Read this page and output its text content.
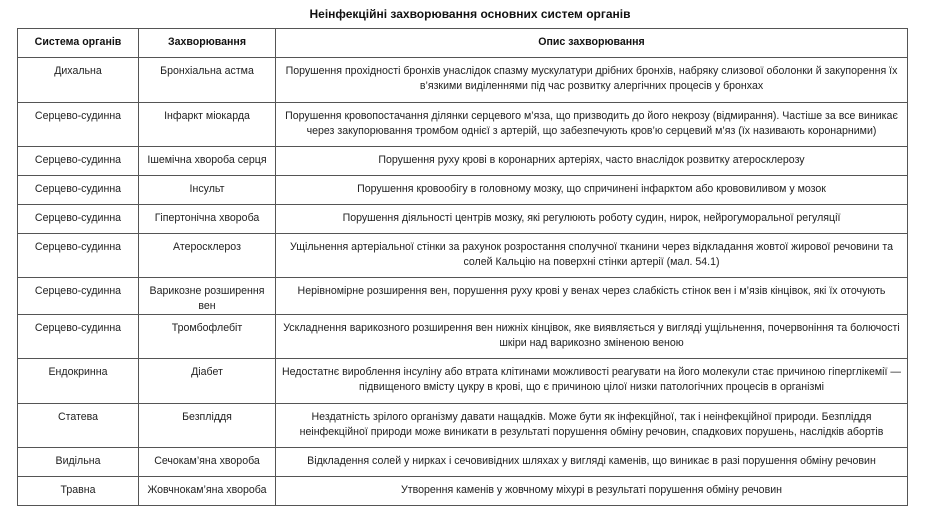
Неінфекційні захворювання основних систем органів
Система органів	Захворювання	Опис захворювання
Дихальна	Бронхіальна астма	Порушення прохідності бронхів унаслідок спазму мускулатури дрібних бронхів, набряку слизової оболонки й закупорення їх в’язкими виділеннями під час розвитку алергічних процесів у бронхах
Серцево-судинна	Інфаркт міокарда	Порушення кровопостачання ділянки серцевого м’яза, що призводить до його некрозу (відмирання). Частіше за все виникає через закупорювання тромбом однієї з артерій, що забезпечують кров’ю серцевий м’яз (їх називають коронарними)
Серцево-судинна	Ішемічна хвороба серця	Порушення руху крові в коронарних артеріях, часто внаслідок розвитку атеросклерозу
Серцево-судинна	Інсульт	Порушення кровообігу в головному мозку, що спричинені інфарктом або крововиливом у мозок
Серцево-судинна	Гіпертонічна хвороба	Порушення діяльності центрів мозку, які регулюють роботу судин, нирок, нейрогуморальної регуляції
Серцево-судинна	Атеросклероз	Ущільнення артеріальної стінки за рахунок розростання сполучної тканини через відкладання жовтої жирової речовини та солей Кальцію на поверхні стінки артерії (мал. 54.1)
Серцево-судинна	Варикозне розширення вен	Нерівномірне розширення вен, порушення руху крові у венах через слабкість стінок вен і м’язів кінцівок, які їх оточують
Серцево-судинна	Тромбофлебіт	Ускладнення варикозного розширення вен нижніх кінцівок, яке виявляється у вигляді ущільнення, почервоніння та болючості шкіри над варикозно зміненою веною
Ендокринна	Діабет	Недостатнє вироблення інсуліну або втрата клітинами можливості реагувати на його молекули стає причиною гіперглікемії — підвищеного вмісту цукру в крові, що є причиною цілої низки патологічних процесів в організмі
Статева	Безпліддя	Нездатність зрілого організму давати нащадків. Може бути як інфекційної, так і неінфекційної природи. Безпліддя неінфекційної природи може виникати в результаті порушення обміну речовин, спадкових порушень, наслідків абортів
Видільна	Сечокам’яна хвороба	Відкладення солей у нирках і сечовивідних шляхах у вигляді каменів, що виникає в разі порушення обміну речовин
Травна	Жовчнокам’яна хвороба	Утворення каменів у жовчному міхурі в результаті порушення обміну речовин
